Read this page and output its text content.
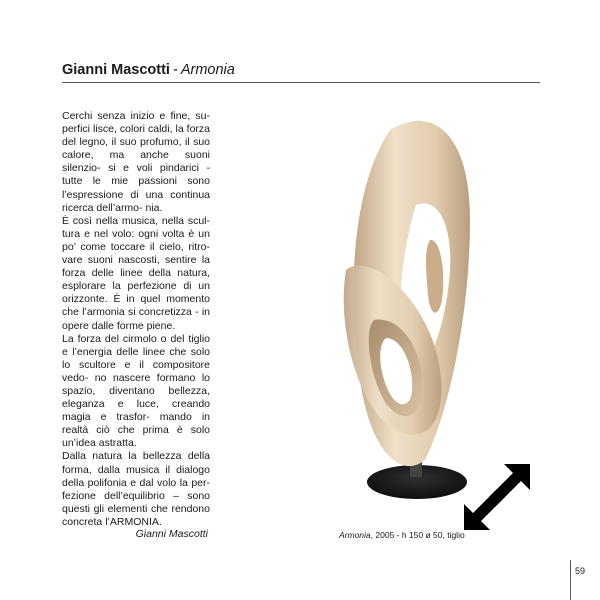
Gianni Mascotti - Armonia

Cerchi senza inizio e fine, su- perfici lisce, colori caldi, la forza del legno, il suo profumo, il suo calore, ma anche suoni silenzio- si e voli pindarici - tutte le mie passioni sono l’espressione di una continua ricerca dell’armo- nia.

È così nella musica, nella scul- tura e nel volo: ogni volta è un po’ come toccare il cielo, ritro- vare suoni nascosti, sentire la forza delle linee della natura, esplorare la perfezione di un orizzonte. È in quel momento che l’armonia si concretizza - in opere dalle forme piene.

La forza del cirmolo o del tiglio e l’energia delle linee che solo lo scultore e il compositore vedo- no nascere formano lo spazio, diventano bellezza, eleganza e luce, creando magia e trasfor- mando in realtà ciò che prima è solo un’idea astratta.

Dalla natura la bellezza della forma, dalla musica il dialogo della polifonia e dal volo la per- fezione dell’equilibrio – sono questi gli elementi che rendono concreta l’ARMONIA.

Gianni Mascotti	Armonia, 2005 - h 150 ø 50, tiglio
59
